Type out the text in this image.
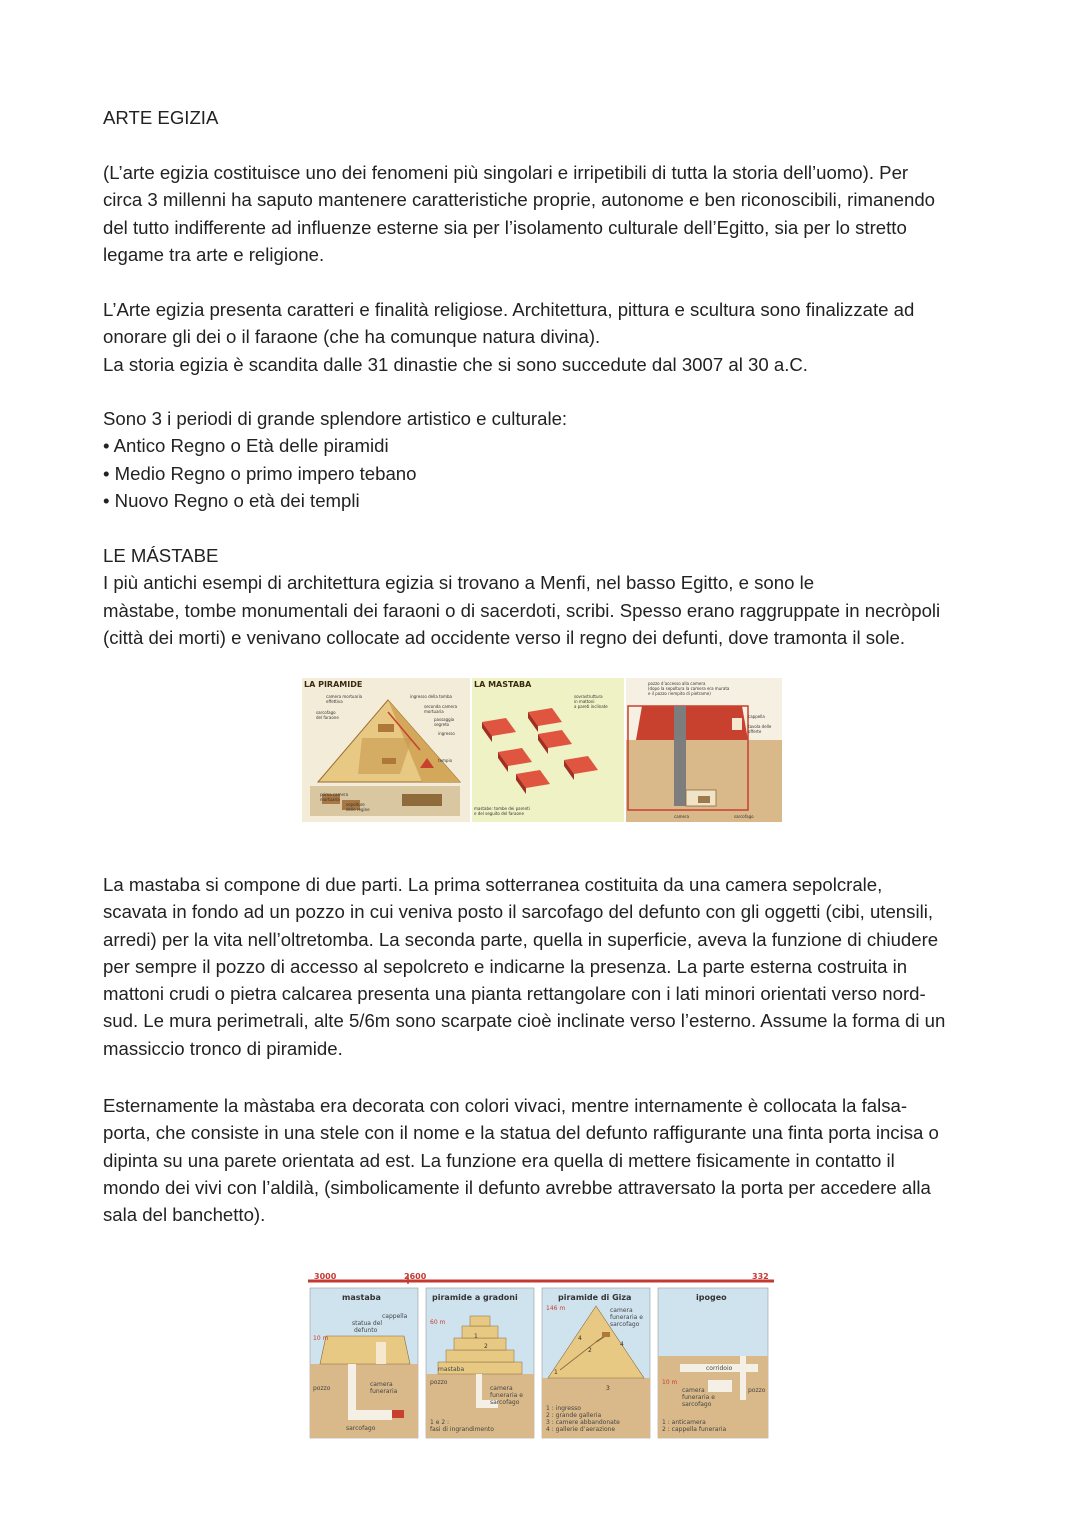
ARTE EGIZIA

(L’arte egizia costituisce uno dei fenomeni più singolari e irripetibili di tutta la storia dell’uomo). Per
circa 3 millenni ha saputo mantenere caratteristiche proprie, autonome e ben riconoscibili, rimanendo
del tutto indifferente ad influenze esterne sia per l’isolamento culturale dell’Egitto, sia per lo stretto
legame tra arte e religione.

L’Arte egizia presenta caratteri e finalità religiose. Architettura, pittura e scultura sono finalizzate ad
onorare gli dei o il faraone (che ha comunque natura divina).
La storia egizia è scandita dalle 31 dinastie che si sono succedute dal 3007 al 30 a.C.

Sono 3 i periodi di grande splendore artistico e culturale:
• Antico Regno o Età delle piramidi
• Medio Regno o primo impero tebano
• Nuovo Regno o età dei templi

LE MÁSTABE
I più antichi esempi di architettura egizia si trovano a Menfi, nel basso Egitto, e sono le
màstabe, tombe monumentali dei faraoni o di sacerdoti, scribi. Spesso erano raggruppate in necròpoli
(città dei morti) e venivano collocate ad occidente verso il regno dei defunti, dove tramonta il sole.

LA PIRAMIDE
camera mortuaria
effettiva
sarcofago
del faraone
ingresso della tomba
seconda camera
mortuaria
passaggio
segreto
ingresso
tempio
prima camera
mortuaria
sepolture
delle regine
LA MASTABA
sovrastruttura
in mattoni
a pareti inclinate
mastabe: tombe dei parenti
e del seguito del faraone
pozzo d’accesso alla camera
(dopo la sepoltura la camera era murata
e il pozzo riempito di pietrame)
cappella
tavola delle
offerte
camera	sarcofago

La mastaba si compone di due parti. La prima sotterranea costituita da una camera sepolcrale,
scavata in fondo ad un pozzo in cui veniva posto il sarcofago del defunto con gli oggetti (cibi, utensili,
arredi) per la vita nell’oltretomba. La seconda parte, quella in superficie, aveva la funzione di chiudere
per sempre il pozzo di accesso al sepolcreto e indicarne la presenza. La parte esterna costruita in
mattoni crudi o pietra calcarea presenta una pianta rettangolare con i lati minori orientati verso nord-
sud. Le mura perimetrali, alte 5/6m sono scarpate cioè inclinate verso l’esterno. Assume la forma di un
massiccio tronco di piramide.

Esternamente la màstaba era decorata con colori vivaci, mentre internamente è collocata la falsa-
porta, che consiste in una stele con il nome e la statua del defunto raffigurante una finta porta incisa o
dipinta su una parete orientata ad est. La funzione era quella di mettere fisicamente in contatto il
mondo dei vivi con l’aldilà, (simbolicamente il defunto avrebbe attraversato la porta per accedere alla
sala del banchetto).

3000	2600	332
mastaba
cappella
statua del
defunto
10 m
pozzo
camera
funeraria
sarcofago
piramide a gradoni
60 m
mastaba
pozzo
camera
funeraria e
sarcofago
1 e 2 :
fasi di ingrandimento
1
2
piramide di Giza
146 m	camera
funeraria e
sarcofago
1 : ingresso
2 : grande galleria
3 : camere abbandonate
4 : gallerie d’aerazione
1
2
3
4
4
ipogeo
corridoio
10 m
camera
funeraria e
sarcofago
pozzo
1 : anticamera
2 : cappella funeraria
